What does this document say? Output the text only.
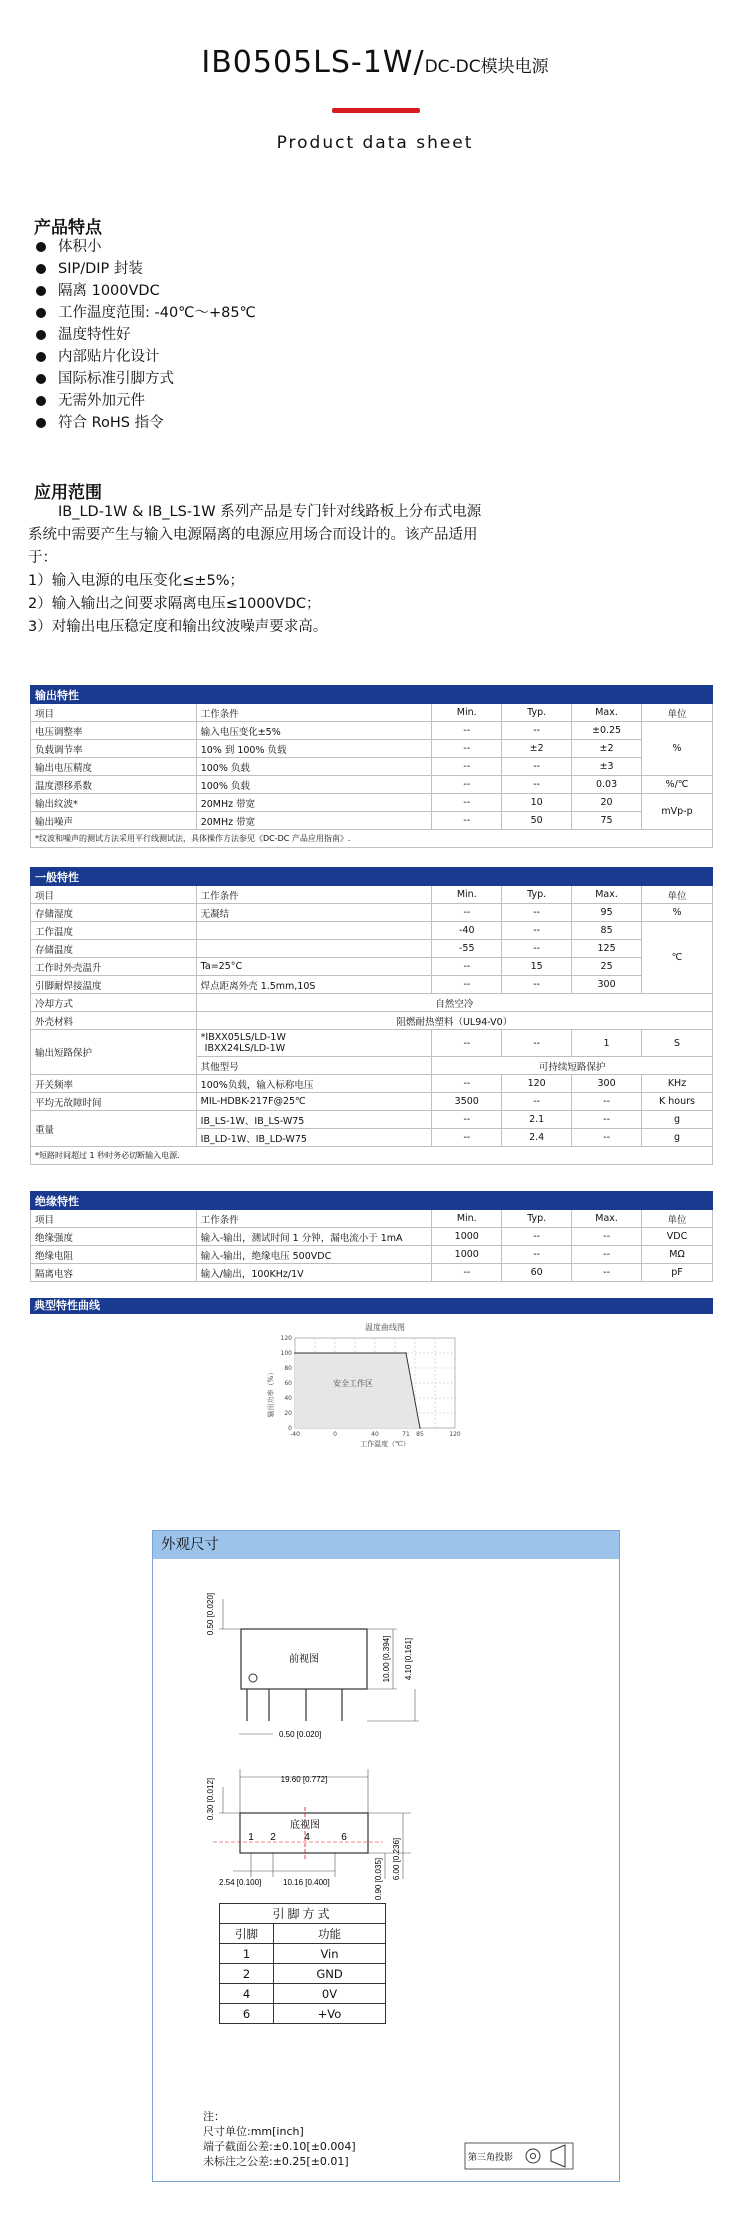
IB0505LS-1W/DC-DC模块电源
Product data sheet
产品特点
体积小
SIP/DIP 封装
隔离 1000VDC
工作温度范围: -40℃～+85℃
温度特性好
内部贴片化设计
国际标准引脚方式
无需外加元件
符合 RoHS 指令
应用范围

IB_LD-1W & IB_LS-1W 系列产品是专门针对线路板上分布式电源系统中需要产生与输入电源隔离的电源应用场合而设计的。该产品适用于：

1）输入电源的电压变化≤±5%；

2）输入输出之间要求隔离电压≤1000VDC；

3）对输出电压稳定度和输出纹波噪声要求高。

输出特性					
项目	工作条件	Min.	Typ.	Max.	单位
电压调整率	输入电压变化±5%	--	--	±0.25	%
负载调节率	10% 到 100% 负载	--	±2	±2	
输出电压精度	100% 负载	--	--	±3	
温度漂移系数	100% 负载	--	--	0.03	%/℃
输出纹波*	20MHz 带宽	--	10	20	mVp-p
输出噪声	20MHz 带宽	--	50	75	
*纹波和噪声的测试方法采用平行线测试法，具体操作方法参见《DC-DC 产品应用指南》.					
一般特性					
项目	工作条件	Min.	Typ.	Max.	单位
存储湿度	无凝结	--	--	95	%
工作温度		-40	--	85	℃
存储温度		-55	--	125	
工作时外壳温升	Ta=25°C	--	15	25	
引脚耐焊接温度	焊点距离外壳 1.5mm,10S	--	--	300	
冷却方式	自然空冷				
外壳材料	阻燃耐热塑料（UL94-V0）				
输出短路保护	*IBXX05LS/LD-1W
IBXX24LS/LD-1W	--	--	1	S
	其他型号	可持续短路保护			
开关频率	100%负载，输入标称电压	--	120	300	KHz
平均无故障时间	MIL-HDBK-217F@25℃	3500	--	--	K hours
重量	IB_LS-1W、IB_LS-W75	--	2.1	--	g
	IB_LD-1W、IB_LD-W75	--	2.4	--	g
*短路时间超过 1 秒时务必切断输入电源.					
绝缘特性					
项目	工作条件	Min.	Typ.	Max.	单位
绝缘强度	输入-输出，测试时间 1 分钟，漏电流小于 1mA	1000	--	--	VDC
绝缘电阻	输入-输出，绝缘电压 500VDC	1000	--	--	MΩ
隔离电容	输入/输出，100KHz/1V	--	60	--	pF
典型特性曲线
温度曲线图
120
100
80
60
40
20
0
-40	0	40	71 85	120
安全工作区
工作温度（℃）
输出功率（%）
外观尺寸
前视图
0.50 [0.020]
10.00 [0.394] 4.10 [0.161]
0.50 [0.020]
底视图
19.60 [0.772]
0.30 [0.012]
2.54 [0.100]	10.16 [0.400]	0.90 [0.035] 6.00 [0.236]
1 2	4	6
第三角投影
引脚方式	
引脚	功能
1	Vin
2	GND
4	0V
6	+Vo
注：
尺寸单位:mm[inch]
端子截面公差:±0.10[±0.004]
未标注之公差:±0.25[±0.01]
